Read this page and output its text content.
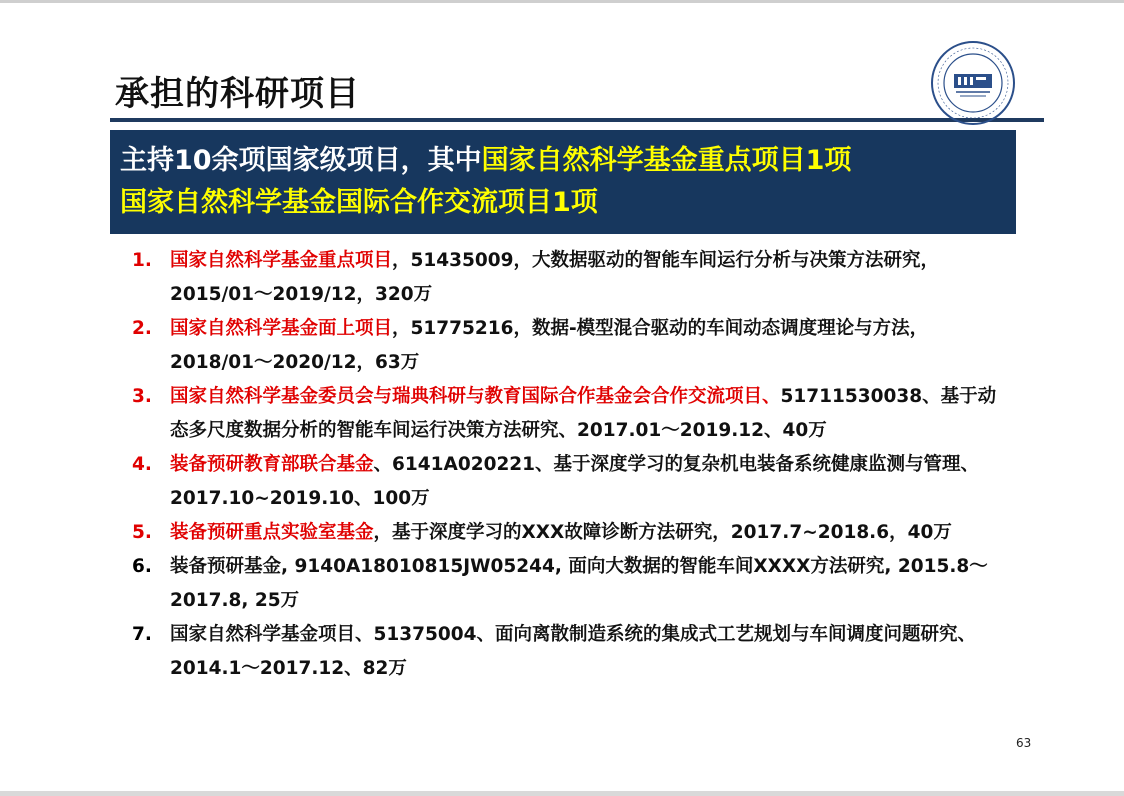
承担的科研项目
主持10余项国家级项目，其中国家自然科学基金重点项目1项
国家自然科学基金国际合作交流项目1项
1. 国家自然科学基金重点项目，51435009，大数据驱动的智能车间运行分析与决策方法研究，2015/01～2019/12，320万
2. 国家自然科学基金面上项目，51775216，数据-模型混合驱动的车间动态调度理论与方法，2018/01～2020/12，63万
3. 国家自然科学基金委员会与瑞典科研与教育国际合作基金会合作交流项目、51711530038、基于动态多尺度数据分析的智能车间运行决策方法研究、2017.01～2019.12、40万
4. 装备预研教育部联合基金、6141A020221、基于深度学习的复杂机电装备系统健康监测与管理、2017.10~2019.10、100万
5. 装备预研重点实验室基金，基于深度学习的XXX故障诊断方法研究，2017.7~2018.6，40万
6. 装备预研基金, 9140A18010815JW05244, 面向大数据的智能车间XXXX方法研究, 2015.8～2017.8, 25万
7. 国家自然科学基金项目、51375004、面向离散制造系统的集成式工艺规划与车间调度问题研究、2014.1～2017.12、82万
63
